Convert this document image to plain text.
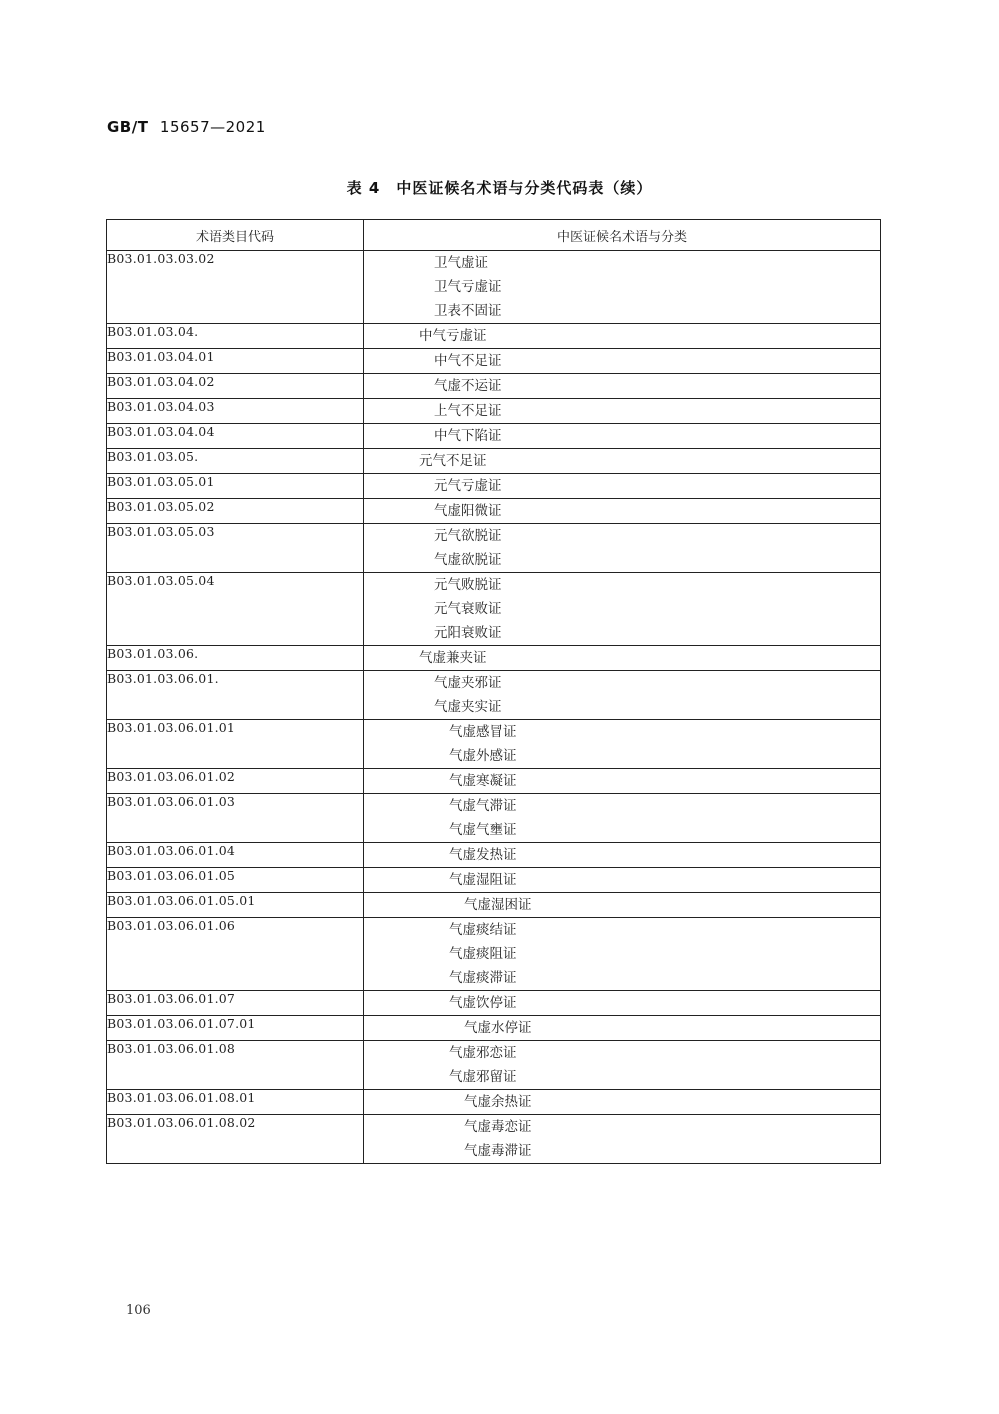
GB/T 15657—2021
表 4　中医证候名术语与分类代码表（续）
术语类目代码	中医证候名术语与分类
B03.01.03.03.02	卫气虚证
卫气亏虚证
卫表不固证

B03.01.03.04.	中气亏虚证

B03.01.03.04.01	中气不足证

B03.01.03.04.02	气虚不运证

B03.01.03.04.03	上气不足证

B03.01.03.04.04	中气下陷证

B03.01.03.05.	元气不足证

B03.01.03.05.01	元气亏虚证

B03.01.03.05.02	气虚阳微证

B03.01.03.05.03	元气欲脱证
气虚欲脱证

B03.01.03.05.04	元气败脱证
元气衰败证
元阳衰败证

B03.01.03.06.	气虚兼夹证

B03.01.03.06.01.	气虚夹邪证
气虚夹实证

B03.01.03.06.01.01	气虚感冒证
气虚外感证

B03.01.03.06.01.02	气虚寒凝证

B03.01.03.06.01.03	气虚气滞证
气虚气壅证

B03.01.03.06.01.04	气虚发热证

B03.01.03.06.01.05	气虚湿阻证

B03.01.03.06.01.05.01	气虚湿困证

B03.01.03.06.01.06	气虚痰结证
气虚痰阻证
气虚痰滞证

B03.01.03.06.01.07	气虚饮停证

B03.01.03.06.01.07.01	气虚水停证

B03.01.03.06.01.08	气虚邪恋证
气虚邪留证

B03.01.03.06.01.08.01	气虚余热证

B03.01.03.06.01.08.02	气虚毒恋证
气虚毒滞证
106
